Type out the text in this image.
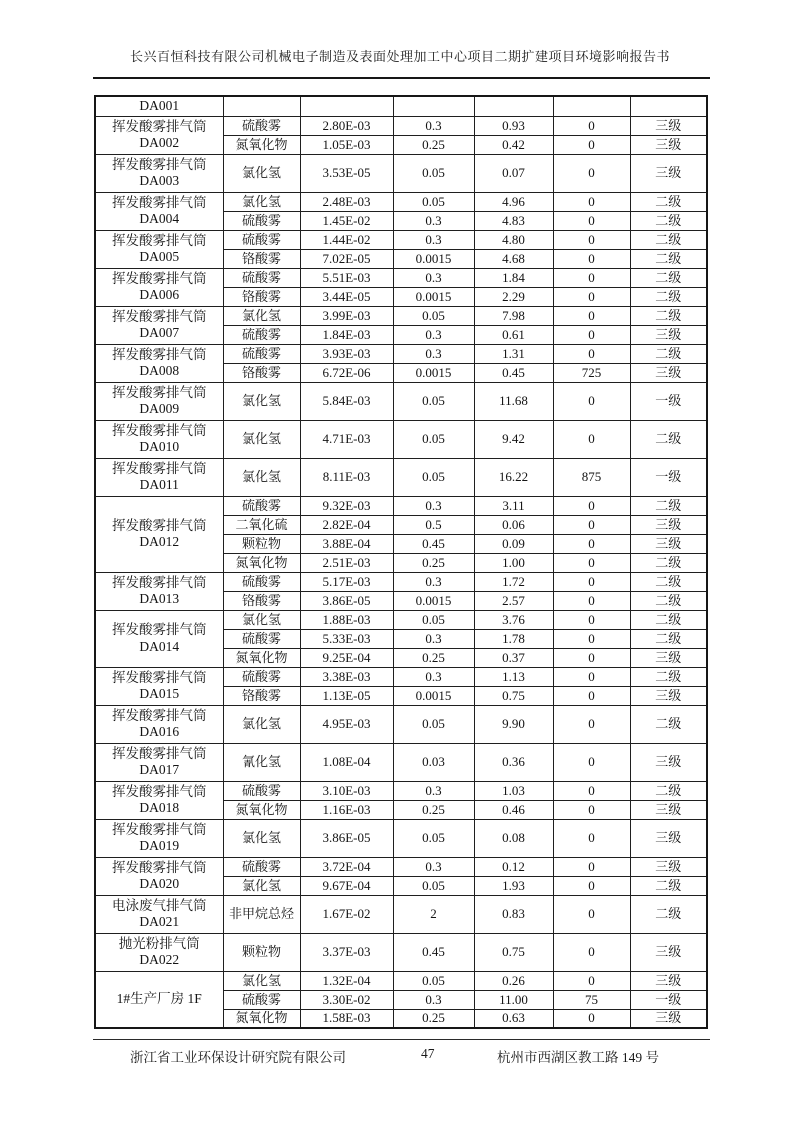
长兴百恒科技有限公司机械电子制造及表面处理加工中心项目二期扩建项目环境影响报告书
DA001						

挥发酸雾排气筒
DA002	硫酸雾	2.80E-03	0.3	0.93	0	三级
	氮氧化物	1.05E-03	0.25	0.42	0	三级

挥发酸雾排气筒
DA003	氯化氢	3.53E-05	0.05	0.07	0	三级

挥发酸雾排气筒
DA004	氯化氢	2.48E-03	0.05	4.96	0	二级
	硫酸雾	1.45E-02	0.3	4.83	0	二级

挥发酸雾排气筒
DA005	硫酸雾	1.44E-02	0.3	4.80	0	二级
	铬酸雾	7.02E-05	0.0015	4.68	0	二级

挥发酸雾排气筒
DA006	硫酸雾	5.51E-03	0.3	1.84	0	二级
	铬酸雾	3.44E-05	0.0015	2.29	0	二级

挥发酸雾排气筒
DA007	氯化氢	3.99E-03	0.05	7.98	0	二级
	硫酸雾	1.84E-03	0.3	0.61	0	三级

挥发酸雾排气筒
DA008	硫酸雾	3.93E-03	0.3	1.31	0	二级
	铬酸雾	6.72E-06	0.0015	0.45	725	三级

挥发酸雾排气筒
DA009	氯化氢	5.84E-03	0.05	11.68	0	一级

挥发酸雾排气筒
DA010	氯化氢	4.71E-03	0.05	9.42	0	二级

挥发酸雾排气筒
DA011	氯化氢	8.11E-03	0.05	16.22	875	一级

挥发酸雾排气筒
DA012	硫酸雾	9.32E-03	0.3	3.11	0	二级
	二氧化硫	2.82E-04	0.5	0.06	0	三级
	颗粒物	3.88E-04	0.45	0.09	0	三级
	氮氧化物	2.51E-03	0.25	1.00	0	二级

挥发酸雾排气筒
DA013	硫酸雾	5.17E-03	0.3	1.72	0	二级
	铬酸雾	3.86E-05	0.0015	2.57	0	二级

挥发酸雾排气筒
DA014	氯化氢	1.88E-03	0.05	3.76	0	二级
	硫酸雾	5.33E-03	0.3	1.78	0	二级
	氮氧化物	9.25E-04	0.25	0.37	0	三级

挥发酸雾排气筒
DA015	硫酸雾	3.38E-03	0.3	1.13	0	二级
	铬酸雾	1.13E-05	0.0015	0.75	0	三级

挥发酸雾排气筒
DA016	氯化氢	4.95E-03	0.05	9.90	0	二级

挥发酸雾排气筒
DA017	氰化氢	1.08E-04	0.03	0.36	0	三级

挥发酸雾排气筒
DA018	硫酸雾	3.10E-03	0.3	1.03	0	二级
	氮氧化物	1.16E-03	0.25	0.46	0	三级

挥发酸雾排气筒
DA019	氯化氢	3.86E-05	0.05	0.08	0	三级

挥发酸雾排气筒
DA020	硫酸雾	3.72E-04	0.3	0.12	0	三级
	氯化氢	9.67E-04	0.05	1.93	0	二级

电泳废气排气筒
DA021	非甲烷总烃	1.67E-02	2	0.83	0	二级

抛光粉排气筒
DA022	颗粒物	3.37E-03	0.45	0.75	0	三级

1#生产厂房 1F	氯化氢	1.32E-04	0.05	0.26	0	三级
	硫酸雾	3.30E-02	0.3	11.00	75	一级
	氮氧化物	1.58E-03	0.25	0.63	0	三级
浙江省工业环保设计研究院有限公司	47	杭州市西湖区教工路 149 号
